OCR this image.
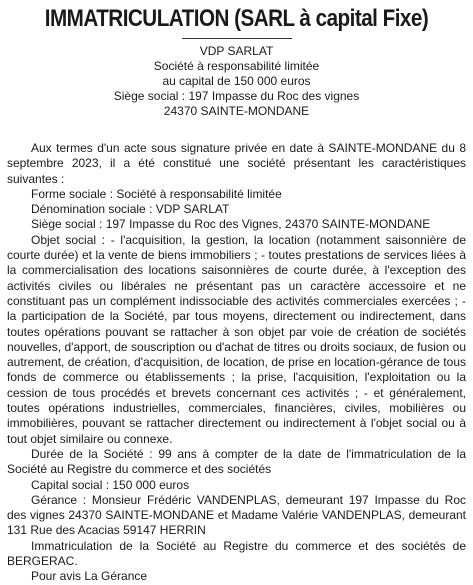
IMMATRICULATION (SARL à capital Fixe)
VDP SARLAT
Société à responsabilité limitée
au capital de 150 000 euros
Siège social : 197 Impasse du Roc des vignes
24370 SAINTE-MONDANE

Aux termes d'un acte sous signature privée en date à SAINTE-MONDANE du 8 septembre 2023, il a été constitué une société présentant les caractéristiques suivantes :

Forme sociale : Société à responsabilité limitée

Dénomination sociale : VDP SARLAT

Siège social : 197 Impasse du Roc des Vignes, 24370 SAINTE-MONDANE

Objet social : - l'acquisition, la gestion, la location (notamment saisonnière de courte durée) et la vente de biens immobiliers ; - toutes prestations de services liées à la commercialisation des locations saisonnières de courte durée, à l'exception des activités civiles ou libérales ne présentant pas un caractère accessoire et ne constituant pas un complément indissociable des activités commerciales exercées ; - la participation de la Société, par tous moyens, directement ou indirectement, dans toutes opérations pouvant se rattacher à son objet par voie de création de sociétés nouvelles, d'apport, de souscription ou d'achat de titres ou droits sociaux, de fusion ou autrement, de création, d'acquisition, de location, de prise en location-gérance de tous fonds de commerce ou établissements ; la prise, l'acquisition, l'exploitation ou la cession de tous procédés et brevets concernant ces activités ; - et généralement, toutes opérations industrielles, commerciales, financières, civiles, mobilières ou immobilières, pouvant se rattacher directement ou indirectement à l'objet social ou à tout objet similaire ou connexe.

Durée de la Société : 99 ans à compter de la date de l'immatriculation de la Société au Registre du commerce et des sociétés

Capital social : 150 000 euros

Gérance : Monsieur Frédéric VANDENPLAS, demeurant 197 Impasse du Roc des vignes 24370 SAINTE-MONDANE et Madame Valérie VANDENPLAS, demeurant 131 Rue des Acacias 59147 HERRIN

Immatriculation de la Société au Registre du commerce et des sociétés de BERGERAC.

Pour avis La Gérance
